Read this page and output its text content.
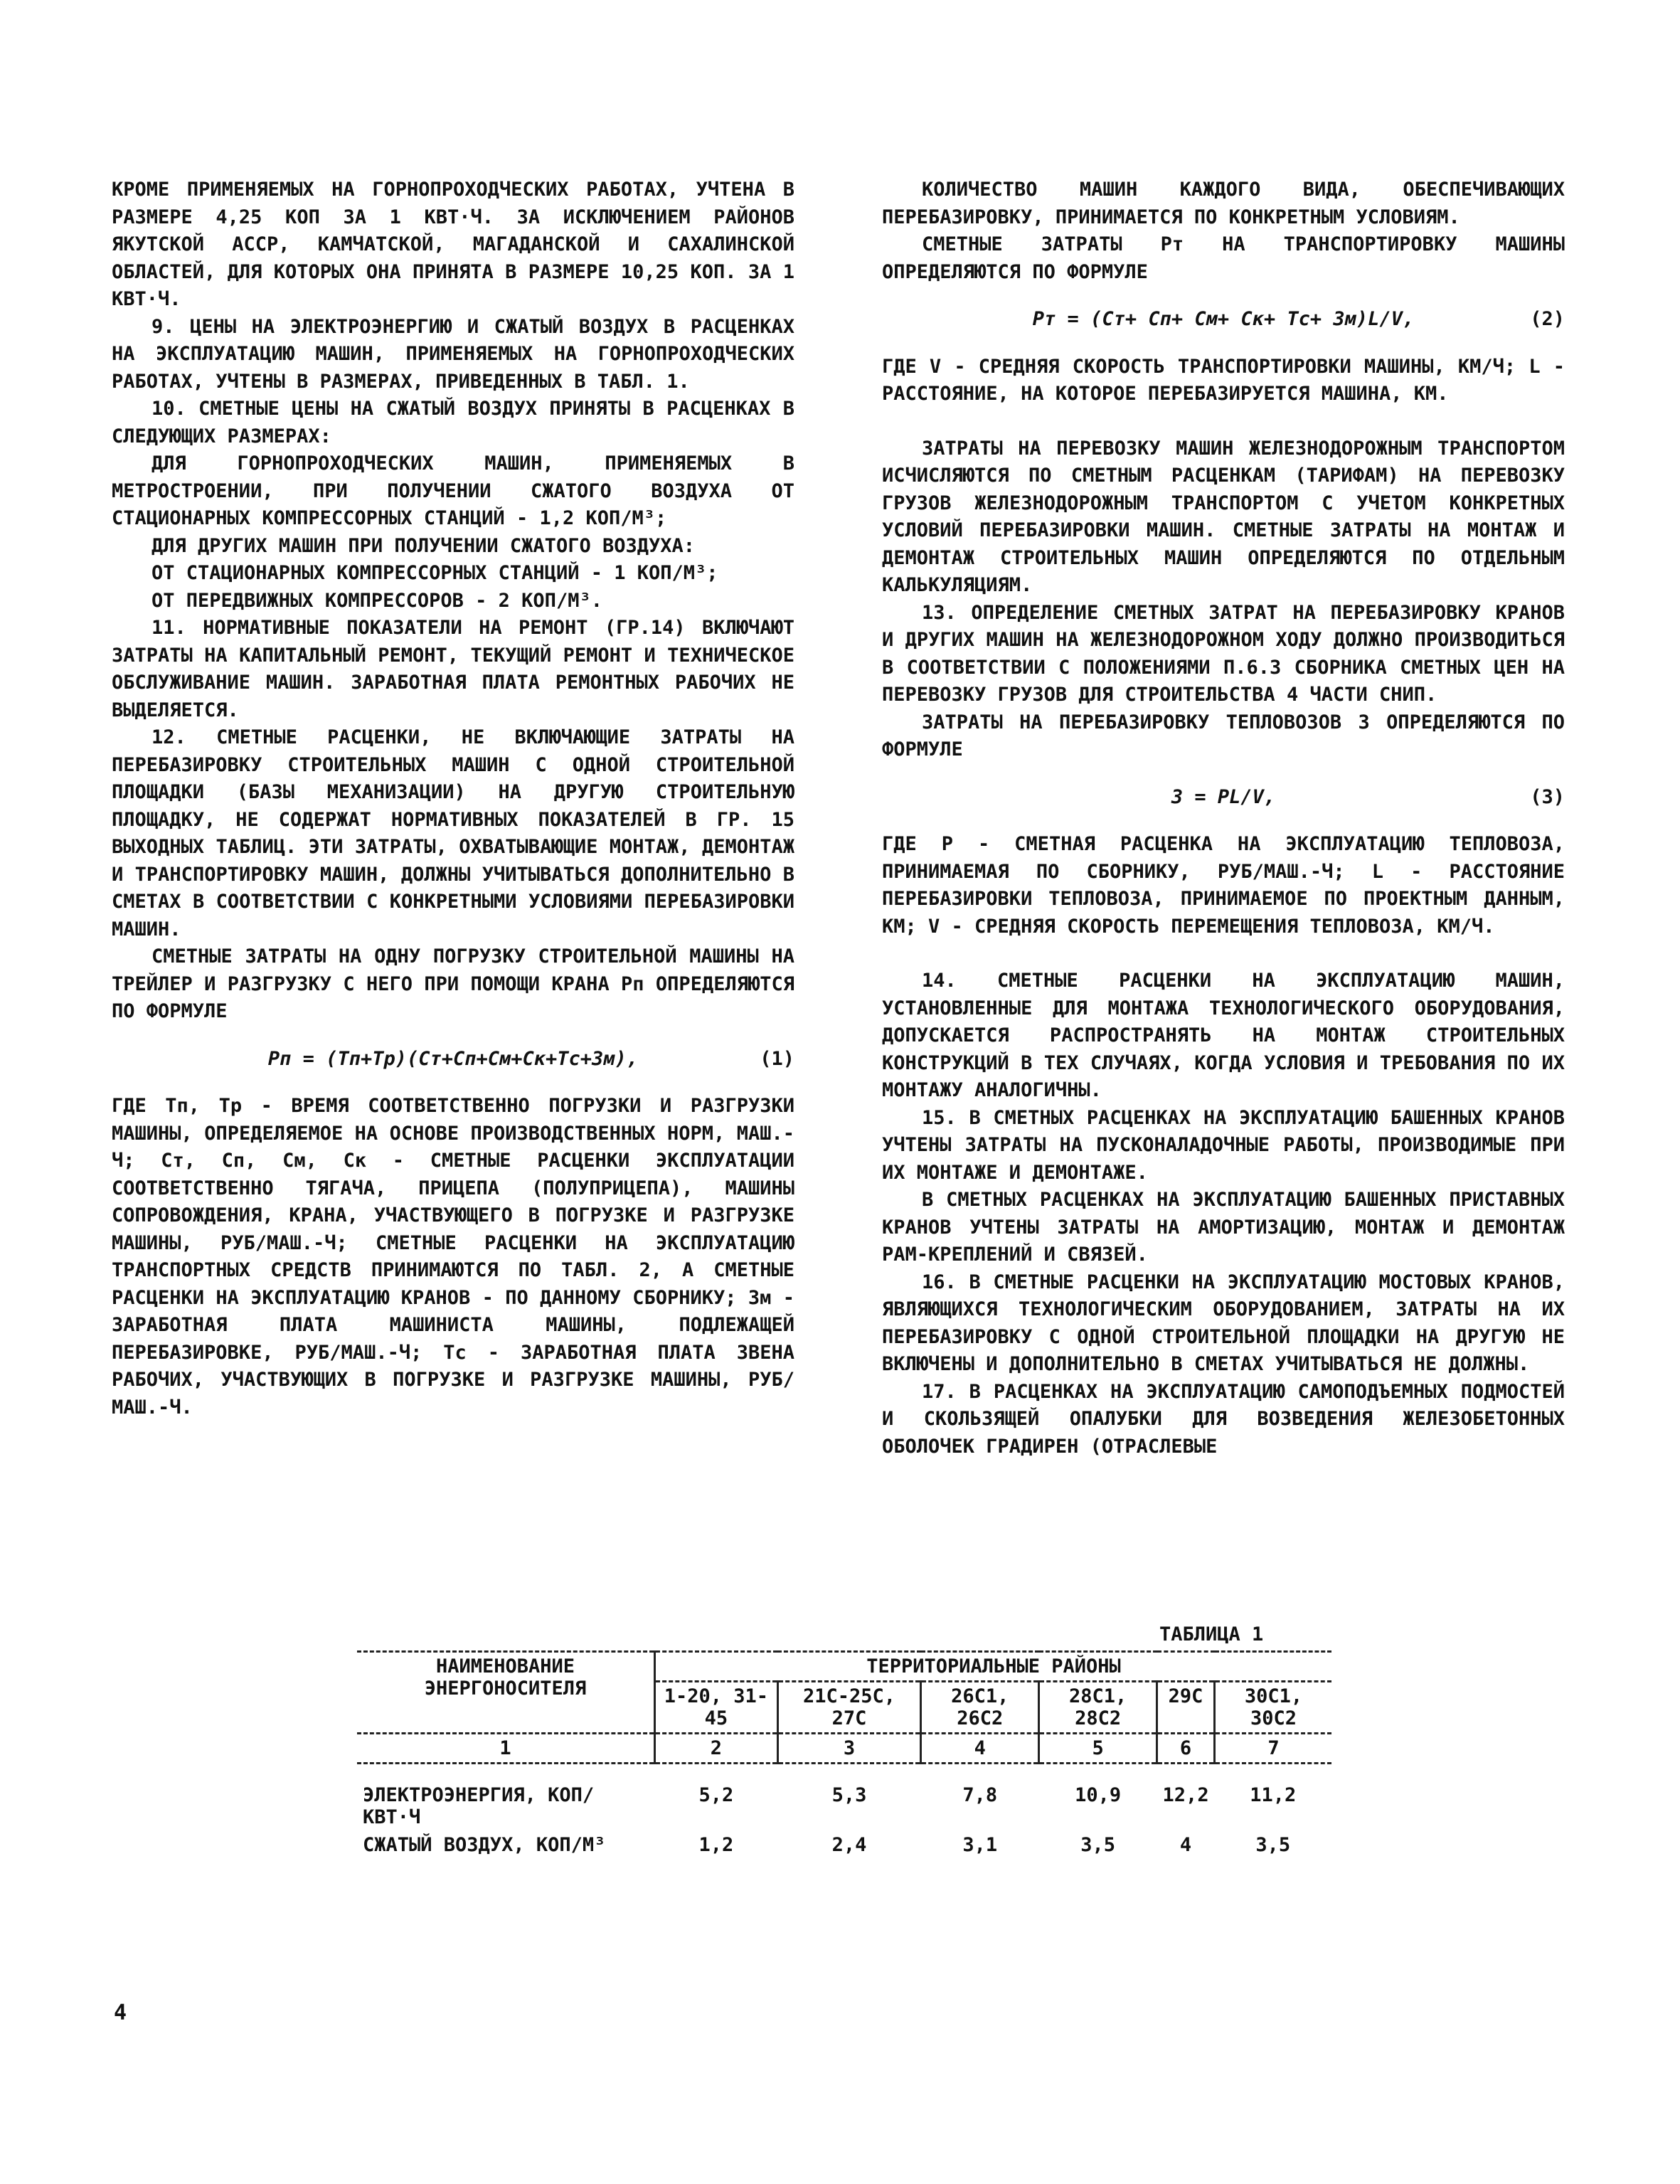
КРОМЕ ПРИМЕНЯЕМЫХ НА ГОРНОПРОХОДЧЕСКИХ РАБОТАХ, УЧТЕНА В РАЗМЕРЕ 4,25 КОП ЗА 1 КВТ·Ч. ЗА ИСКЛЮЧЕНИЕМ РАЙОНОВ ЯКУТСКОЙ АССР, КАМЧАТСКОЙ, МАГАДАНСКОЙ И САХАЛИНСКОЙ ОБЛАСТЕЙ, ДЛЯ КОТОРЫХ ОНА ПРИНЯТА В РАЗМЕРЕ 10,25 КОП. ЗА 1 КВТ·Ч.

9. ЦЕНЫ НА ЭЛЕКТРОЭНЕРГИЮ И СЖАТЫЙ ВОЗДУХ В РАСЦЕНКАХ НА ЭКСПЛУАТАЦИЮ МАШИН, ПРИМЕНЯЕМЫХ НА ГОРНОПРОХОДЧЕСКИХ РАБОТАХ, УЧТЕНЫ В РАЗМЕРАХ, ПРИВЕДЕННЫХ В ТАБЛ. 1.

10. СМЕТНЫЕ ЦЕНЫ НА СЖАТЫЙ ВОЗДУХ ПРИНЯТЫ В РАСЦЕНКАХ В СЛЕДУЮЩИХ РАЗМЕРАХ:

ДЛЯ ГОРНОПРОХОДЧЕСКИХ МАШИН, ПРИМЕНЯЕМЫХ В МЕТРОСТРОЕНИИ, ПРИ ПОЛУЧЕНИИ СЖАТОГО ВОЗДУХА ОТ СТАЦИОНАРНЫХ КОМПРЕССОРНЫХ СТАНЦИЙ - 1,2 КОП/М³;

ДЛЯ ДРУГИХ МАШИН ПРИ ПОЛУЧЕНИИ СЖАТОГО ВОЗДУХА:

ОТ СТАЦИОНАРНЫХ КОМПРЕССОРНЫХ СТАНЦИЙ - 1 КОП/М³;

ОТ ПЕРЕДВИЖНЫХ КОМПРЕССОРОВ - 2 КОП/М³.

11. НОРМАТИВНЫЕ ПОКАЗАТЕЛИ НА РЕМОНТ (ГР.14) ВКЛЮЧАЮТ ЗАТРАТЫ НА КАПИТАЛЬНЫЙ РЕМОНТ, ТЕКУЩИЙ РЕМОНТ И ТЕХНИЧЕСКОЕ ОБСЛУЖИВАНИЕ МАШИН. ЗАРАБОТНАЯ ПЛАТА РЕМОНТНЫХ РАБОЧИХ НЕ ВЫДЕЛЯЕТСЯ.

12. СМЕТНЫЕ РАСЦЕНКИ, НЕ ВКЛЮЧАЮЩИЕ ЗАТРАТЫ НА ПЕРЕБАЗИРОВКУ СТРОИТЕЛЬНЫХ МАШИН С ОДНОЙ СТРОИТЕЛЬНОЙ ПЛОЩАДКИ (БАЗЫ МЕХАНИЗАЦИИ) НА ДРУГУЮ СТРОИТЕЛЬНУЮ ПЛОЩАДКУ, НЕ СОДЕРЖАТ НОРМАТИВНЫХ ПОКАЗАТЕЛЕЙ В ГР. 15 ВЫХОДНЫХ ТАБЛИЦ. ЭТИ ЗАТРАТЫ, ОХВАТЫВАЮЩИЕ МОНТАЖ, ДЕМОНТАЖ И ТРАНСПОРТИРОВКУ МАШИН, ДОЛЖНЫ УЧИТЫВАТЬСЯ ДОПОЛНИТЕЛЬНО В СМЕТАХ В СООТВЕТСТВИИ С КОНКРЕТНЫМИ УСЛОВИЯМИ ПЕРЕБАЗИРОВКИ МАШИН.

СМЕТНЫЕ ЗАТРАТЫ НА ОДНУ ПОГРУЗКУ СТРОИТЕЛЬНОЙ МАШИНЫ НА ТРЕЙЛЕР И РАЗГРУЗКУ С НЕГО ПРИ ПОМОЩИ КРАНА Рп ОПРЕДЕЛЯЮТСЯ ПО ФОРМУЛЕ

Pп = (Tп+Tр)(Cт+Cп+Cм+Cк+Tс+Зм),	(1)

ГДЕ Тп, Тр - ВРЕМЯ СООТВЕТСТВЕННО ПОГРУЗКИ И РАЗГРУЗКИ МАШИНЫ, ОПРЕДЕЛЯЕМОЕ НА ОСНОВЕ ПРОИЗВОДСТВЕННЫХ НОРМ, МАШ.-Ч; Ст, Сп, См, Ск - СМЕТНЫЕ РАСЦЕНКИ ЭКСПЛУАТАЦИИ СООТВЕТСТВЕННО ТЯГАЧА, ПРИЦЕПА (ПОЛУПРИЦЕПА), МАШИНЫ СОПРОВОЖДЕНИЯ, КРАНА, УЧАСТВУЮЩЕГО В ПОГРУЗКЕ И РАЗГРУЗКЕ МАШИНЫ, РУБ/МАШ.-Ч; СМЕТНЫЕ РАСЦЕНКИ НА ЭКСПЛУАТАЦИЮ ТРАНСПОРТНЫХ СРЕДСТВ ПРИНИМАЮТСЯ ПО ТАБЛ. 2, А СМЕТНЫЕ РАСЦЕНКИ НА ЭКСПЛУАТАЦИЮ КРАНОВ - ПО ДАННОМУ СБОРНИКУ; Зм - ЗАРАБОТНАЯ ПЛАТА МАШИНИСТА МАШИНЫ, ПОДЛЕЖАЩЕЙ ПЕРЕБАЗИРОВКЕ, РУБ/МАШ.-Ч; Тс - ЗАРАБОТНАЯ ПЛАТА ЗВЕНА РАБОЧИХ, УЧАСТВУЮЩИХ В ПОГРУЗКЕ И РАЗГРУЗКЕ МАШИНЫ, РУБ/МАШ.-Ч.

КОЛИЧЕСТВО МАШИН КАЖДОГО ВИДА, ОБЕСПЕЧИВАЮЩИХ ПЕРЕБАЗИРОВКУ, ПРИНИМАЕТСЯ ПО КОНКРЕТНЫМ УСЛОВИЯМ.

СМЕТНЫЕ ЗАТРАТЫ Рт НА ТРАНСПОРТИРОВКУ МАШИНЫ ОПРЕДЕЛЯЮТСЯ ПО ФОРМУЛЕ

Pт = (Cт+ Cп+ Cм+ Cк+ Tс+ Зм)L/V,	(2)

ГДЕ V - СРЕДНЯЯ СКОРОСТЬ ТРАНСПОРТИРОВКИ МАШИНЫ, КМ/Ч; L - РАССТОЯНИЕ, НА КОТОРОЕ ПЕРЕБАЗИРУЕТСЯ МАШИНА, КМ.

ЗАТРАТЫ НА ПЕРЕВОЗКУ МАШИН ЖЕЛЕЗНОДОРОЖНЫМ ТРАНСПОРТОМ ИСЧИСЛЯЮТСЯ ПО СМЕТНЫМ РАСЦЕНКАМ (ТАРИФАМ) НА ПЕРЕВОЗКУ ГРУЗОВ ЖЕЛЕЗНОДОРОЖНЫМ ТРАНСПОРТОМ С УЧЕТОМ КОНКРЕТНЫХ УСЛОВИЙ ПЕРЕБАЗИРОВКИ МАШИН. СМЕТНЫЕ ЗАТРАТЫ НА МОНТАЖ И ДЕМОНТАЖ СТРОИТЕЛЬНЫХ МАШИН ОПРЕДЕЛЯЮТСЯ ПО ОТДЕЛЬНЫМ КАЛЬКУЛЯЦИЯМ.

13. ОПРЕДЕЛЕНИЕ СМЕТНЫХ ЗАТРАТ НА ПЕРЕБАЗИРОВКУ КРАНОВ И ДРУГИХ МАШИН НА ЖЕЛЕЗНОДОРОЖНОМ ХОДУ ДОЛЖНО ПРОИЗВОДИТЬСЯ В СООТВЕТСТВИИ С ПОЛОЖЕНИЯМИ П.6.3 СБОРНИКА СМЕТНЫХ ЦЕН НА ПЕРЕВОЗКУ ГРУЗОВ ДЛЯ СТРОИТЕЛЬСТВА 4 ЧАСТИ СНИП.

ЗАТРАТЫ НА ПЕРЕБАЗИРОВКУ ТЕПЛОВОЗОВ З ОПРЕДЕЛЯЮТСЯ ПО ФОРМУЛЕ

З = PL/V,	(3)

ГДЕ Р - СМЕТНАЯ РАСЦЕНКА НА ЭКСПЛУАТАЦИЮ ТЕПЛОВОЗА, ПРИНИМАЕМАЯ ПО СБОРНИКУ, РУБ/МАШ.-Ч; L - РАССТОЯНИЕ ПЕРЕБАЗИРОВКИ ТЕПЛОВОЗА, ПРИНИМАЕМОЕ ПО ПРОЕКТНЫМ ДАННЫМ, КМ; V - СРЕДНЯЯ СКОРОСТЬ ПЕРЕМЕЩЕНИЯ ТЕПЛОВОЗА, КМ/Ч.

14. СМЕТНЫЕ РАСЦЕНКИ НА ЭКСПЛУАТАЦИЮ МАШИН, УСТАНОВЛЕННЫЕ ДЛЯ МОНТАЖА ТЕХНОЛОГИЧЕСКОГО ОБОРУДОВАНИЯ, ДОПУСКАЕТСЯ РАСПРОСТРАНЯТЬ НА МОНТАЖ СТРОИТЕЛЬНЫХ КОНСТРУКЦИЙ В ТЕХ СЛУЧАЯХ, КОГДА УСЛОВИЯ И ТРЕБОВАНИЯ ПО ИХ МОНТАЖУ АНАЛОГИЧНЫ.

15. В СМЕТНЫХ РАСЦЕНКАХ НА ЭКСПЛУАТАЦИЮ БАШЕННЫХ КРАНОВ УЧТЕНЫ ЗАТРАТЫ НА ПУСКОНАЛАДОЧНЫЕ РАБОТЫ, ПРОИЗВОДИМЫЕ ПРИ ИХ МОНТАЖЕ И ДЕМОНТАЖЕ.

В СМЕТНЫХ РАСЦЕНКАХ НА ЭКСПЛУАТАЦИЮ БАШЕННЫХ ПРИСТАВНЫХ КРАНОВ УЧТЕНЫ ЗАТРАТЫ НА АМОРТИЗАЦИЮ, МОНТАЖ И ДЕМОНТАЖ РАМ-КРЕПЛЕНИЙ И СВЯЗЕЙ.

16. В СМЕТНЫЕ РАСЦЕНКИ НА ЭКСПЛУАТАЦИЮ МОСТОВЫХ КРАНОВ, ЯВЛЯЮЩИХСЯ ТЕХНОЛОГИЧЕСКИМ ОБОРУДОВАНИЕМ, ЗАТРАТЫ НА ИХ ПЕРЕБАЗИРОВКУ С ОДНОЙ СТРОИТЕЛЬНОЙ ПЛОЩАДКИ НА ДРУГУЮ НЕ ВКЛЮЧЕНЫ И ДОПОЛНИТЕЛЬНО В СМЕТАХ УЧИТЫВАТЬСЯ НЕ ДОЛЖНЫ.

17. В РАСЦЕНКАХ НА ЭКСПЛУАТАЦИЮ САМОПОДЪЕМНЫХ ПОДМОСТЕЙ И СКОЛЬЗЯЩЕЙ ОПАЛУБКИ ДЛЯ ВОЗВЕДЕНИЯ ЖЕЛЕЗОБЕТОННЫХ ОБОЛОЧЕК ГРАДИРЕН (ОТРАСЛЕВЫЕ

ТАБЛИЦА 1
НАИМЕНОВАНИЕ ЭНЕРГОНОСИТЕЛЯ	ТЕРРИТОРИАЛЬНЫЕ РАЙОНЫ					
	1-20, 31-45	21С-25С, 27С	26С1, 26С2	28С1, 28С2	29С	30С1, 30С2
1	2	3	4	5	6	7
ЭЛЕКТРОЭНЕРГИЯ, КОП/КВТ·Ч	5,2	5,3	7,8	10,9	12,2	11,2
СЖАТЫЙ ВОЗДУХ, КОП/М³	1,2	2,4	3,1	3,5	4	3,5
4
